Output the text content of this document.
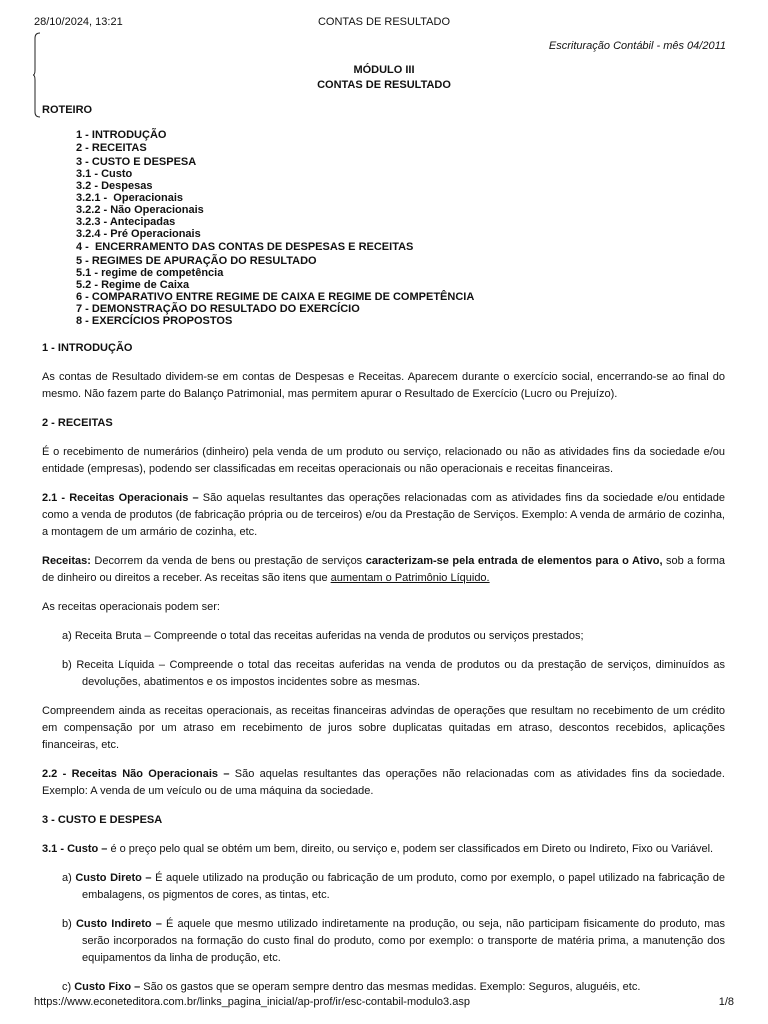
28/10/2024, 13:21	CONTAS DE RESULTADO
Escrituração Contábil - mês 04/2011
MÓDULO III
CONTAS DE RESULTADO
ROTEIRO
1 - INTRODUÇÃO
2 - RECEITAS
3 - CUSTO E DESPESA
3.1 - Custo
3.2 - Despesas
3.2.1 -  Operacionais
3.2.2 - Não Operacionais
3.2.3 - Antecipadas
3.2.4 - Pré Operacionais
4 -  ENCERRAMENTO DAS CONTAS DE DESPESAS E RECEITAS
5 - REGIMES DE APURAÇÃO DO RESULTADO
5.1 - regime de competência
5.2 - Regime de Caixa
6 - COMPARATIVO ENTRE REGIME DE CAIXA E REGIME DE COMPETÊNCIA
7 - DEMONSTRAÇÃO DO RESULTADO DO EXERCÍCIO
8 - EXERCÍCIOS PROPOSTOS

1 - INTRODUÇÃO

As contas de Resultado dividem-se em contas de Despesas e Receitas. Aparecem durante o exercício social, encerrando-se ao final do mesmo. Não fazem parte do Balanço Patrimonial, mas permitem apurar o Resultado de Exercício (Lucro ou Prejuízo).

2 - RECEITAS

É o recebimento de numerários (dinheiro) pela venda de um produto ou serviço, relacionado ou não as atividades fins da sociedade e/ou entidade (empresas), podendo ser classificadas em receitas operacionais ou não operacionais e receitas financeiras.

2.1 - Receitas Operacionais – São aquelas resultantes das operações relacionadas com as atividades fins da sociedade e/ou entidade como a venda de produtos (de fabricação própria ou de terceiros) e/ou da Prestação de Serviços. Exemplo: A venda de armário de cozinha, a montagem de um armário de cozinha, etc.

Receitas: Decorrem da venda de bens ou prestação de serviços caracterizam-se pela entrada de elementos para o Ativo, sob a forma de dinheiro ou direitos a receber. As receitas são itens que aumentam o Patrimônio Líquido.

As receitas operacionais podem ser:

a) Receita Bruta – Compreende o total das receitas auferidas na venda de produtos ou serviços prestados;

b) Receita Líquida – Compreende o total das receitas auferidas na venda de produtos ou da prestação de serviços, diminuídos as devoluções, abatimentos e os impostos incidentes sobre as mesmas.

Compreendem ainda as receitas operacionais, as receitas financeiras advindas de operações que resultam no recebimento de um crédito em compensação por um atraso em recebimento de juros sobre duplicatas quitadas em atraso, descontos recebidos, aplicações financeiras, etc.

2.2 - Receitas Não Operacionais – São aquelas resultantes das operações não relacionadas com as atividades fins da sociedade. Exemplo: A venda de um veículo ou de uma máquina da sociedade.

3 - CUSTO E DESPESA

3.1 - Custo – é o preço pelo qual se obtém um bem, direito, ou serviço e, podem ser classificados em Direto ou Indireto, Fixo ou Variável.

a) Custo Direto – É aquele utilizado na produção ou fabricação de um produto, como por exemplo, o papel utilizado na fabricação de embalagens, os pigmentos de cores, as tintas, etc.

b) Custo Indireto – É aquele que mesmo utilizado indiretamente na produção, ou seja, não participam fisicamente do produto, mas serão incorporados na formação do custo final do produto, como por exemplo: o transporte de matéria prima, a manutenção dos equipamentos da linha de produção, etc.

c) Custo Fixo – São os gastos que se operam sempre dentro das mesmas medidas. Exemplo: Seguros, aluguéis, etc.

https://www.econeteditora.com.br/links_pagina_inicial/ap-prof/ir/esc-contabil-modulo3.asp	1/8
